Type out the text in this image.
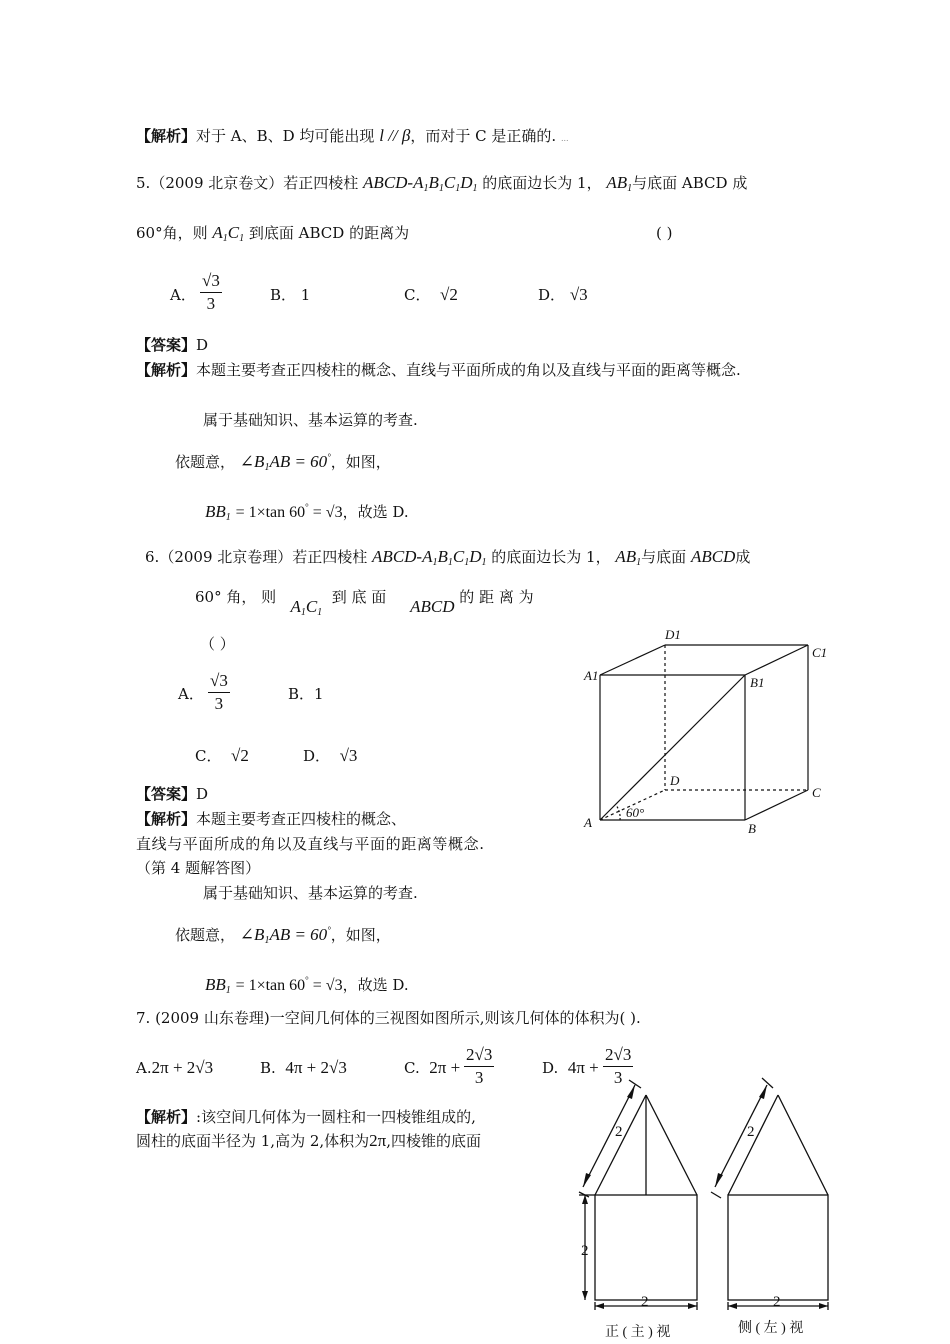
【解析】对于 A、B、D 均可能出现 l // β，而对于 C 是正确的. ...
5.（2009 北京卷文）若正四棱柱 ABCD-$A_1B_1C_1D_1$ 的底面边长为 1， $AB_1$与底面 ABCD 成
60°角，则 $A_1C_1$ 到底面 ABCD 的距离为	( )
A． $\frac{√3}{3}$	B． 1	C． √2	D． √3
【答案】D
【解析】本题主要考查正四棱柱的概念、直线与平面所成的角以及直线与平面的距离等概念.
属于基础知识、基本运算的考查.
依题意， $\angle B_1AB = 60^\circ$，如图，
$BB_1 = 1\times\tan$ 60° = √3，故选 D.
6.（2009 北京卷理）若正四棱柱 ABCD-$A_1B_1C_1D_1$ 的底面边长为 1， $AB_1$与底面 ABCD成
60° 角， 则 $A_1C_1$  到 底 面 ABCD 的 距 离 为
（ ）
A． $\frac{√3}{3}$	B．1
C． √2	D． √3
【答案】D
【解析】本题主要考查正四棱柱的概念、
直线与平面所成的角以及直线与平面的距离等概念.
（第 4 题解答图）
属于基础知识、基本运算的考查.
依题意， $\angle B_1AB = 60^\circ$，如图，
$BB_1 = 1\times\tan$ 60° = √3，故选 D.
D1
C1
A1	B1
D
C
A	B
60°
7. (2009 山东卷理)一空间几何体的三视图如图所示,则该几何体的体积为( ).
A.2π + 2√3	B. 4π + 2√3	C. $2\pi + \frac{2√3}{3}$	D. $4\pi + \frac{2√3}{3}$
【解析】:该空间几何体为一圆柱和一四棱锥组成的,
圆柱的底面半径为 1,高为 2,体积为2π,四棱锥的底面	2
2
2
2
2
正 ( 主 ) 视	侧 ( 左 ) 视
